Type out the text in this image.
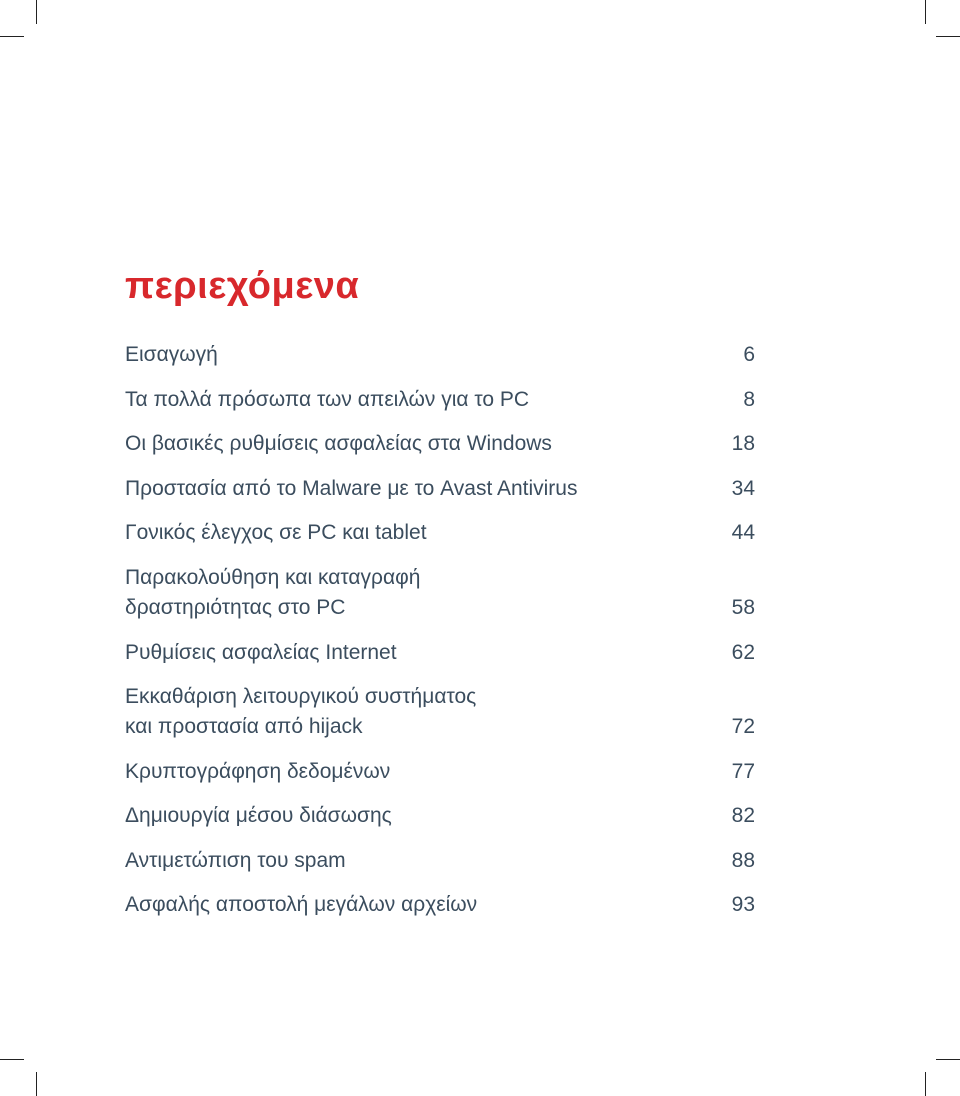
περιεχόμενα
Εισαγωγή	6
Τα πολλά πρόσωπα των απειλών για το PC	8
Οι βασικές ρυθμίσεις ασφαλείας στα Windows	18
Προστασία από το Malware με το Avast Antivirus	34
Γονικός έλεγχος σε PC και tablet	44
Παρακολούθηση και καταγραφή
δραστηριότητας στο PC	58
Ρυθμίσεις ασφαλείας Internet	62
Εκκαθάριση λειτουργικού συστήματος
και προστασία από hijack	72
Κρυπτογράφηση δεδομένων	77
Δημιουργία μέσου διάσωσης	82
Αντιμετώπιση του spam	88
Ασφαλής αποστολή μεγάλων αρχείων	93
